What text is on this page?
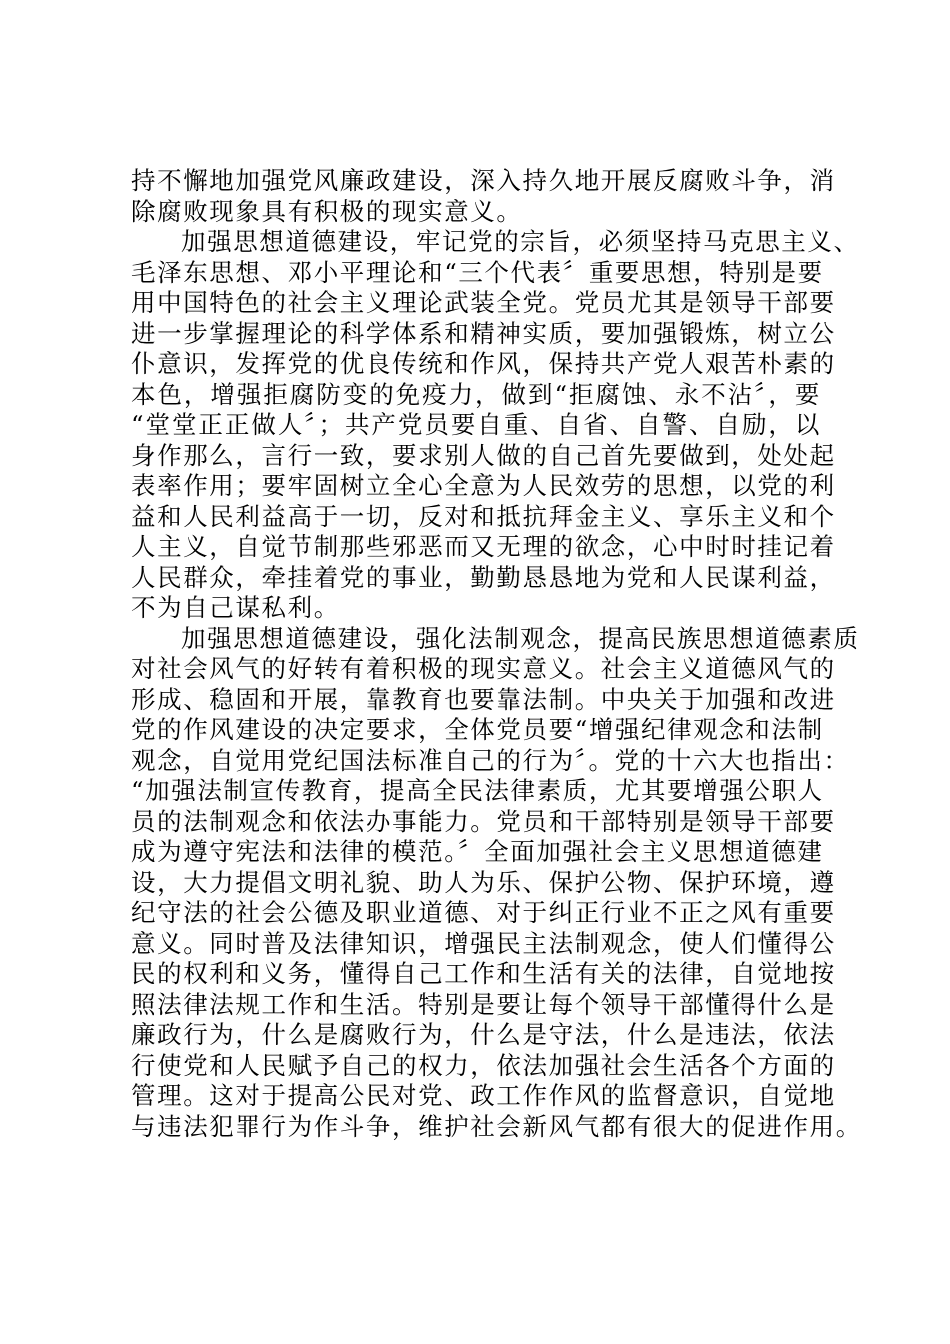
持不懈地加强党风廉政建设，深入持久地开展反腐败斗争，消
除腐败现象具有积极的现实意义。
加强思想道德建设，牢记党的宗旨，必须坚持马克思主义、
毛泽东思想、邓小平理论和“三个代表〞重要思想，特别是要
用中国特色的社会主义理论武装全党。党员尤其是领导干部要
进一步掌握理论的科学体系和精神实质，要加强锻炼，树立公
仆意识，发挥党的优良传统和作风，保持共产党人艰苦朴素的
本色，增强拒腐防变的免疫力，做到“拒腐蚀、永不沾〞，要
“堂堂正正做人〞；共产党员要自重、自省、自警、自励，以
身作那么，言行一致，要求别人做的自己首先要做到，处处起
表率作用；要牢固树立全心全意为人民效劳的思想，以党的利
益和人民利益高于一切，反对和抵抗拜金主义、享乐主义和个
人主义，自觉节制那些邪恶而又无理的欲念，心中时时挂记着
人民群众，牵挂着党的事业，勤勤恳恳地为党和人民谋利益，
不为自己谋私利。
加强思想道德建设，强化法制观念，提高民族思想道德素质
对社会风气的好转有着积极的现实意义。社会主义道德风气的
形成、稳固和开展，靠教育也要靠法制。中央关于加强和改进
党的作风建设的决定要求，全体党员要“增强纪律观念和法制
观念，自觉用党纪国法标准自己的行为〞。党的十六大也指出：
“加强法制宣传教育，提高全民法律素质，尤其要增强公职人
员的法制观念和依法办事能力。党员和干部特别是领导干部要
成为遵守宪法和法律的模范。〞全面加强社会主义思想道德建
设，大力提倡文明礼貌、助人为乐、保护公物、保护环境，遵
纪守法的社会公德及职业道德、对于纠正行业不正之风有重要
意义。同时普及法律知识，增强民主法制观念，使人们懂得公
民的权利和义务，懂得自己工作和生活有关的法律，自觉地按
照法律法规工作和生活。特别是要让每个领导干部懂得什么是
廉政行为，什么是腐败行为，什么是守法，什么是违法，依法
行使党和人民赋予自己的权力，依法加强社会生活各个方面的
管理。这对于提高公民对党、政工作作风的监督意识，自觉地
与违法犯罪行为作斗争，维护社会新风气都有很大的促进作用。
